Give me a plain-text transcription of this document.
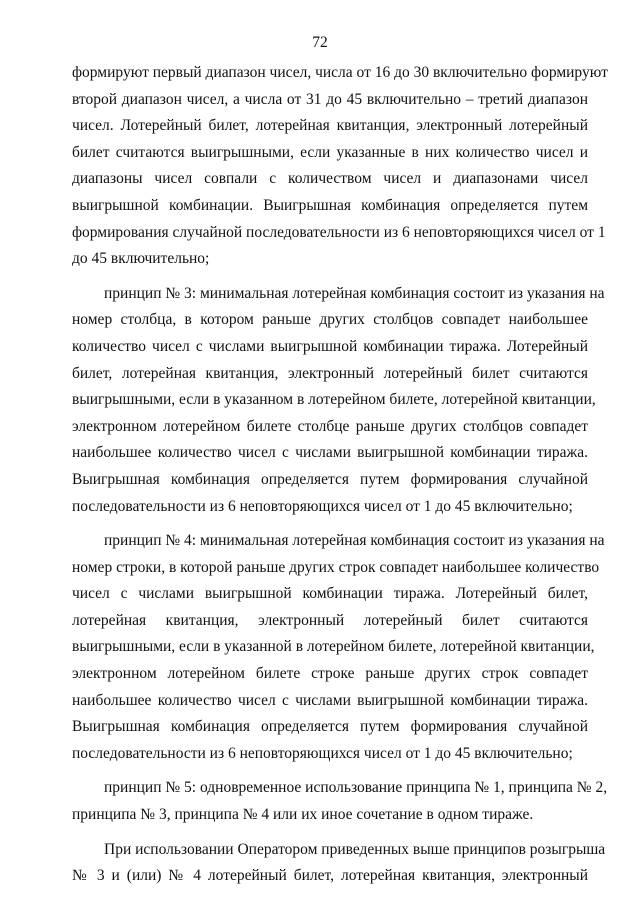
72
формируют первый диапазон чисел, числа от 16 до 30 включительно формируют
второй диапазон чисел, а числа от 31 до 45 включительно – третий диапазон
чисел. Лотерейный билет, лотерейная квитанция, электронный лотерейный
билет считаются выигрышными, если указанные в них количество чисел и
диапазоны чисел совпали с количеством чисел и диапазонами чисел
выигрышной комбинации. Выигрышная комбинация определяется путем
формирования случайной последовательности из 6 неповторяющихся чисел от 1
до 45 включительно;
принцип № 3: минимальная лотерейная комбинация состоит из указания на
номер столбца, в котором раньше других столбцов совпадет наибольшее
количество чисел с числами выигрышной комбинации тиража. Лотерейный
билет, лотерейная квитанция, электронный лотерейный билет считаются
выигрышными, если в указанном в лотерейном билете, лотерейной квитанции,
электронном лотерейном билете столбце раньше других столбцов совпадет
наибольшее количество чисел с числами выигрышной комбинации тиража.
Выигрышная комбинация определяется путем формирования случайной
последовательности из 6 неповторяющихся чисел от 1 до 45 включительно;
принцип № 4: минимальная лотерейная комбинация состоит из указания на
номер строки, в которой раньше других строк совпадет наибольшее количество
чисел с числами выигрышной комбинации тиража. Лотерейный билет,
лотерейная квитанция, электронный лотерейный билет считаются
выигрышными, если в указанной в лотерейном билете, лотерейной квитанции,
электронном лотерейном билете строке раньше других строк совпадет
наибольшее количество чисел с числами выигрышной комбинации тиража.
Выигрышная комбинация определяется путем формирования случайной
последовательности из 6 неповторяющихся чисел от 1 до 45 включительно;
принцип № 5: одновременное использование принципа № 1, принципа № 2,
принципа № 3, принципа № 4 или их иное сочетание в одном тираже.
При использовании Оператором приведенных выше принципов розыгрыша
№ 3 и (или) № 4 лотерейный билет, лотерейная квитанция, электронный
